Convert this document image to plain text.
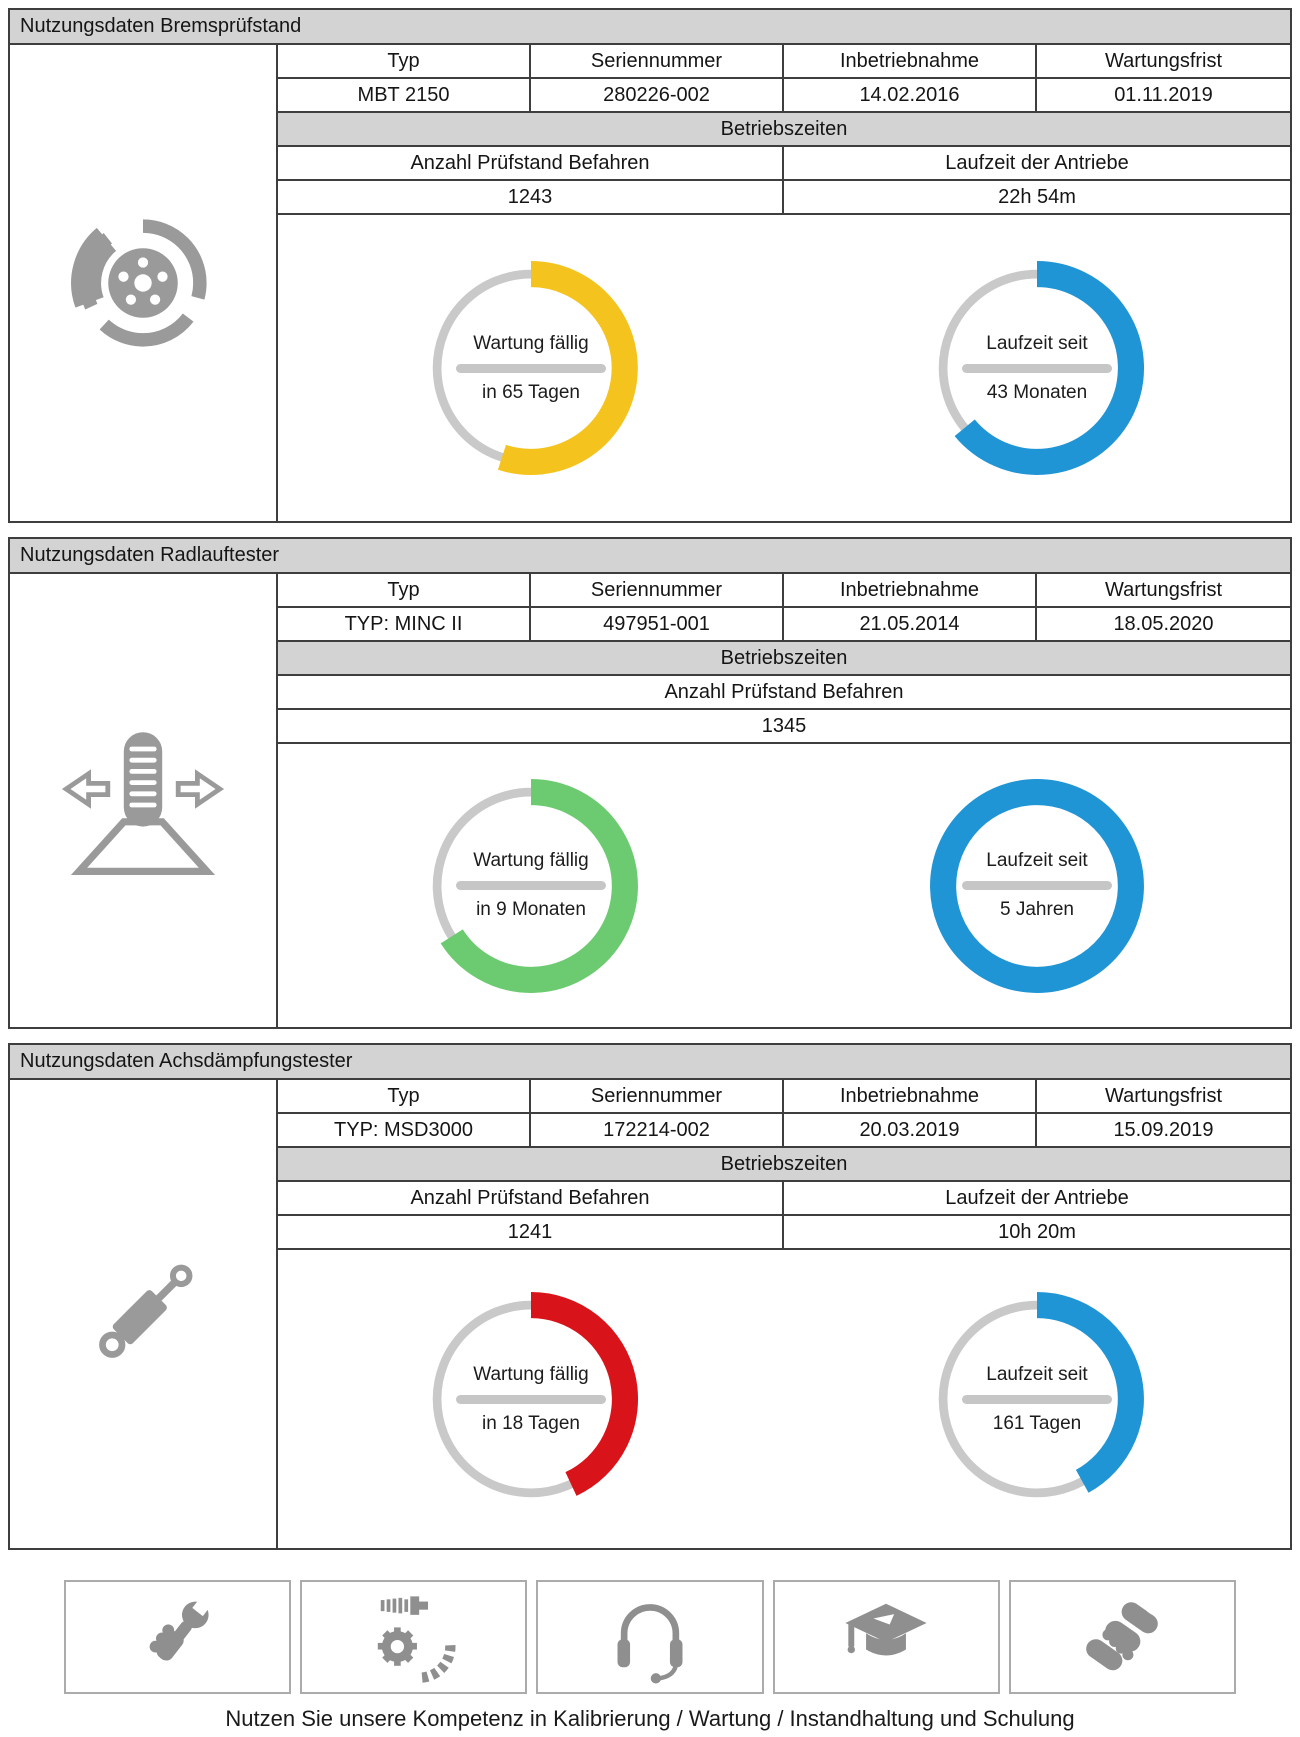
Nutzungsdaten Bremsprüfstand
Typ	Seriennummer	Inbetriebnahme	Wartungsfrist
MBT 2150	280226-002	14.02.2016	01.11.2019
Betriebszeiten
Anzahl Prüfstand Befahren	Laufzeit der Antriebe
1243	22h 54m
Wartung fällig
in 65 Tagen
Laufzeit seit
43 Monaten
Nutzungsdaten Radlauftester
Typ	Seriennummer	Inbetriebnahme	Wartungsfrist
TYP: MINC II	497951-001	21.05.2014	18.05.2020
Betriebszeiten
Anzahl Prüfstand Befahren
1345
Wartung fällig
in 9 Monaten
Laufzeit seit
5 Jahren
Nutzungsdaten Achsdämpfungstester
Typ	Seriennummer	Inbetriebnahme	Wartungsfrist
TYP: MSD3000	172214-002	20.03.2019	15.09.2019
Betriebszeiten
Anzahl Prüfstand Befahren	Laufzeit der Antriebe
1241	10h 20m
Wartung fällig
in 18 Tagen
Laufzeit seit
161 Tagen
Nutzen Sie unsere Kompetenz in Kalibrierung / Wartung / Instandhaltung und Schulung
